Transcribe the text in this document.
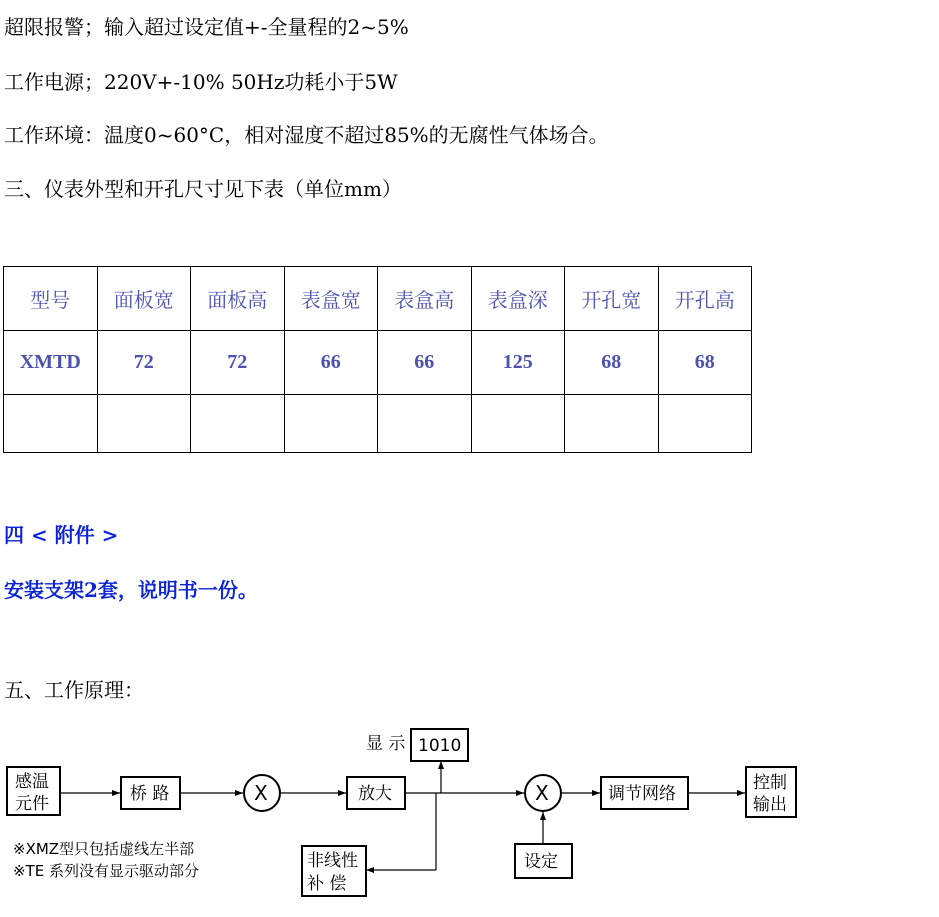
超限报警；输入超过设定值+-全量程的2~5%
工作电源；220V+-10% 50Hz功耗小于5W
工作环境：温度0~60°C，相对湿度不超过85%的无腐性气体场合。
三、仪表外型和开孔尺寸见下表（单位mm）
型号	面板宽	面板高	表盒宽	表盒高	表盒深	开孔宽	开孔高
XMTD	72	72	66	66	125	68	68

四 < 附件 >
安装支架2套，说明书一份。
五、工作原理：
感温
元件	桥 路	X	放大
显 示 1010
X	调节网络
控制
输出
非线性
补 偿
设定
※XMZ型只包括虚线左半部
※TE 系列没有显示驱动部分
